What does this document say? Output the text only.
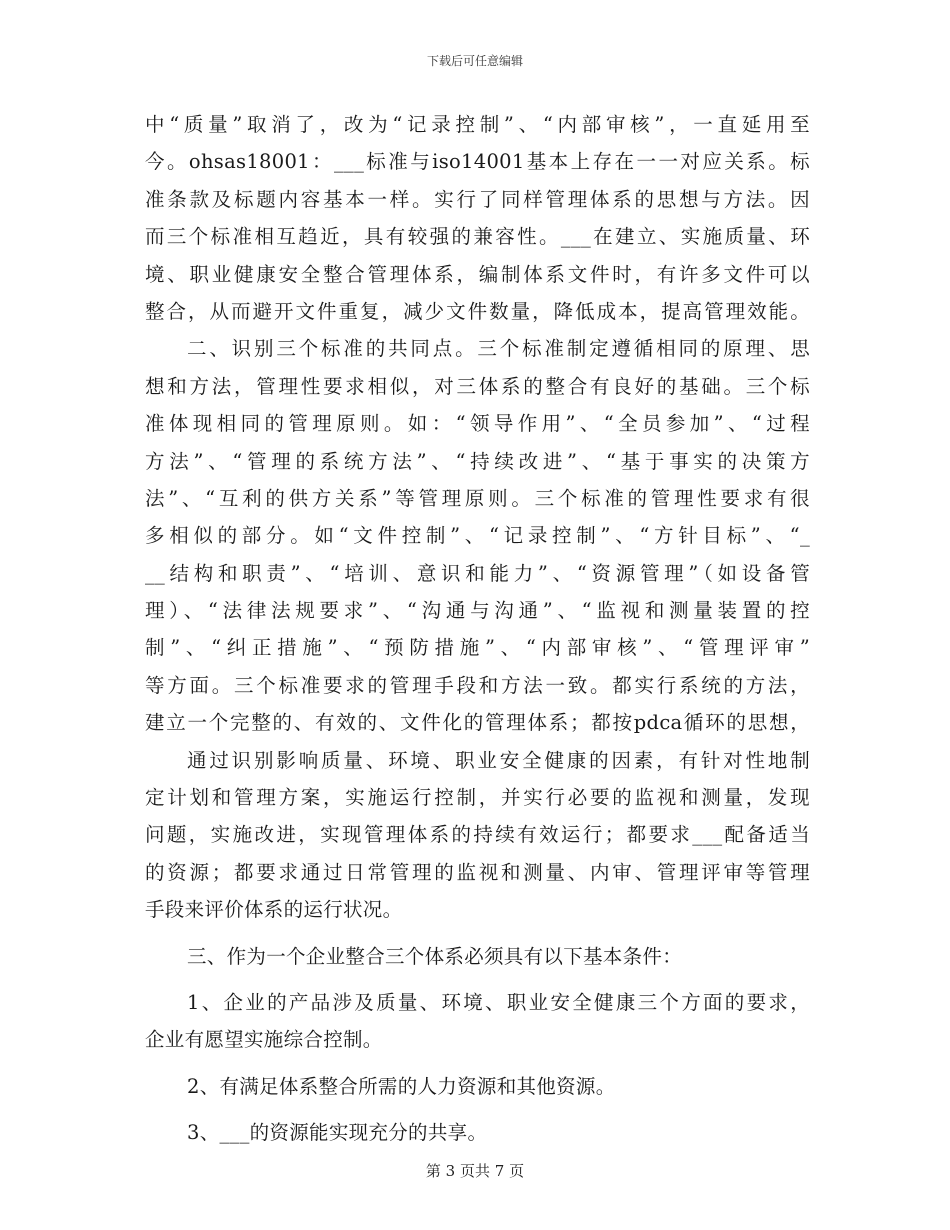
下载后可任意编辑
中“质量”取消了，改为“记录控制”、“内部审核”，一直延用至
今。ohsas18001：___标准与iso14001基本上存在一一对应关系。标
准条款及标题内容基本一样。实行了同样管理体系的思想与方法。因
而三个标准相互趋近，具有较强的兼容性。___在建立、实施质量、环
境、职业健康安全整合管理体系，编制体系文件时，有许多文件可以
整合，从而避开文件重复，减少文件数量，降低成本，提高管理效能。
二、识别三个标准的共同点。三个标准制定遵循相同的原理、思
想和方法，管理性要求相似，对三体系的整合有良好的基础。三个标
准体现相同的管理原则。如：“领导作用”、“全员参加”、“过程
方法”、“管理的系统方法”、“持续改进”、“基于事实的决策方
法”、“互利的供方关系”等管理原则。三个标准的管理性要求有很
多相似的部分。如“文件控制”、“记录控制”、“方针目标”、“_
__结构和职责”、“培训、意识和能力”、“资源管理”（如设备管
理）、“法律法规要求”、“沟通与沟通”、“监视和测量装置的控
制”、“纠正措施”、“预防措施”、“内部审核”、“管理评审”
等方面。三个标准要求的管理手段和方法一致。都实行系统的方法，
建立一个完整的、有效的、文件化的管理体系；都按pdca循环的思想，
通过识别影响质量、环境、职业安全健康的因素，有针对性地制
定计划和管理方案，实施运行控制，并实行必要的监视和测量，发现
问题，实施改进，实现管理体系的持续有效运行；都要求___配备适当
的资源；都要求通过日常管理的监视和测量、内审、管理评审等管理
手段来评价体系的运行状况。
三、作为一个企业整合三个体系必须具有以下基本条件：
1、企业的产品涉及质量、环境、职业安全健康三个方面的要求，
企业有愿望实施综合控制。
2、有满足体系整合所需的人力资源和其他资源。
3、___的资源能实现充分的共享。
第 3 页共 7 页
